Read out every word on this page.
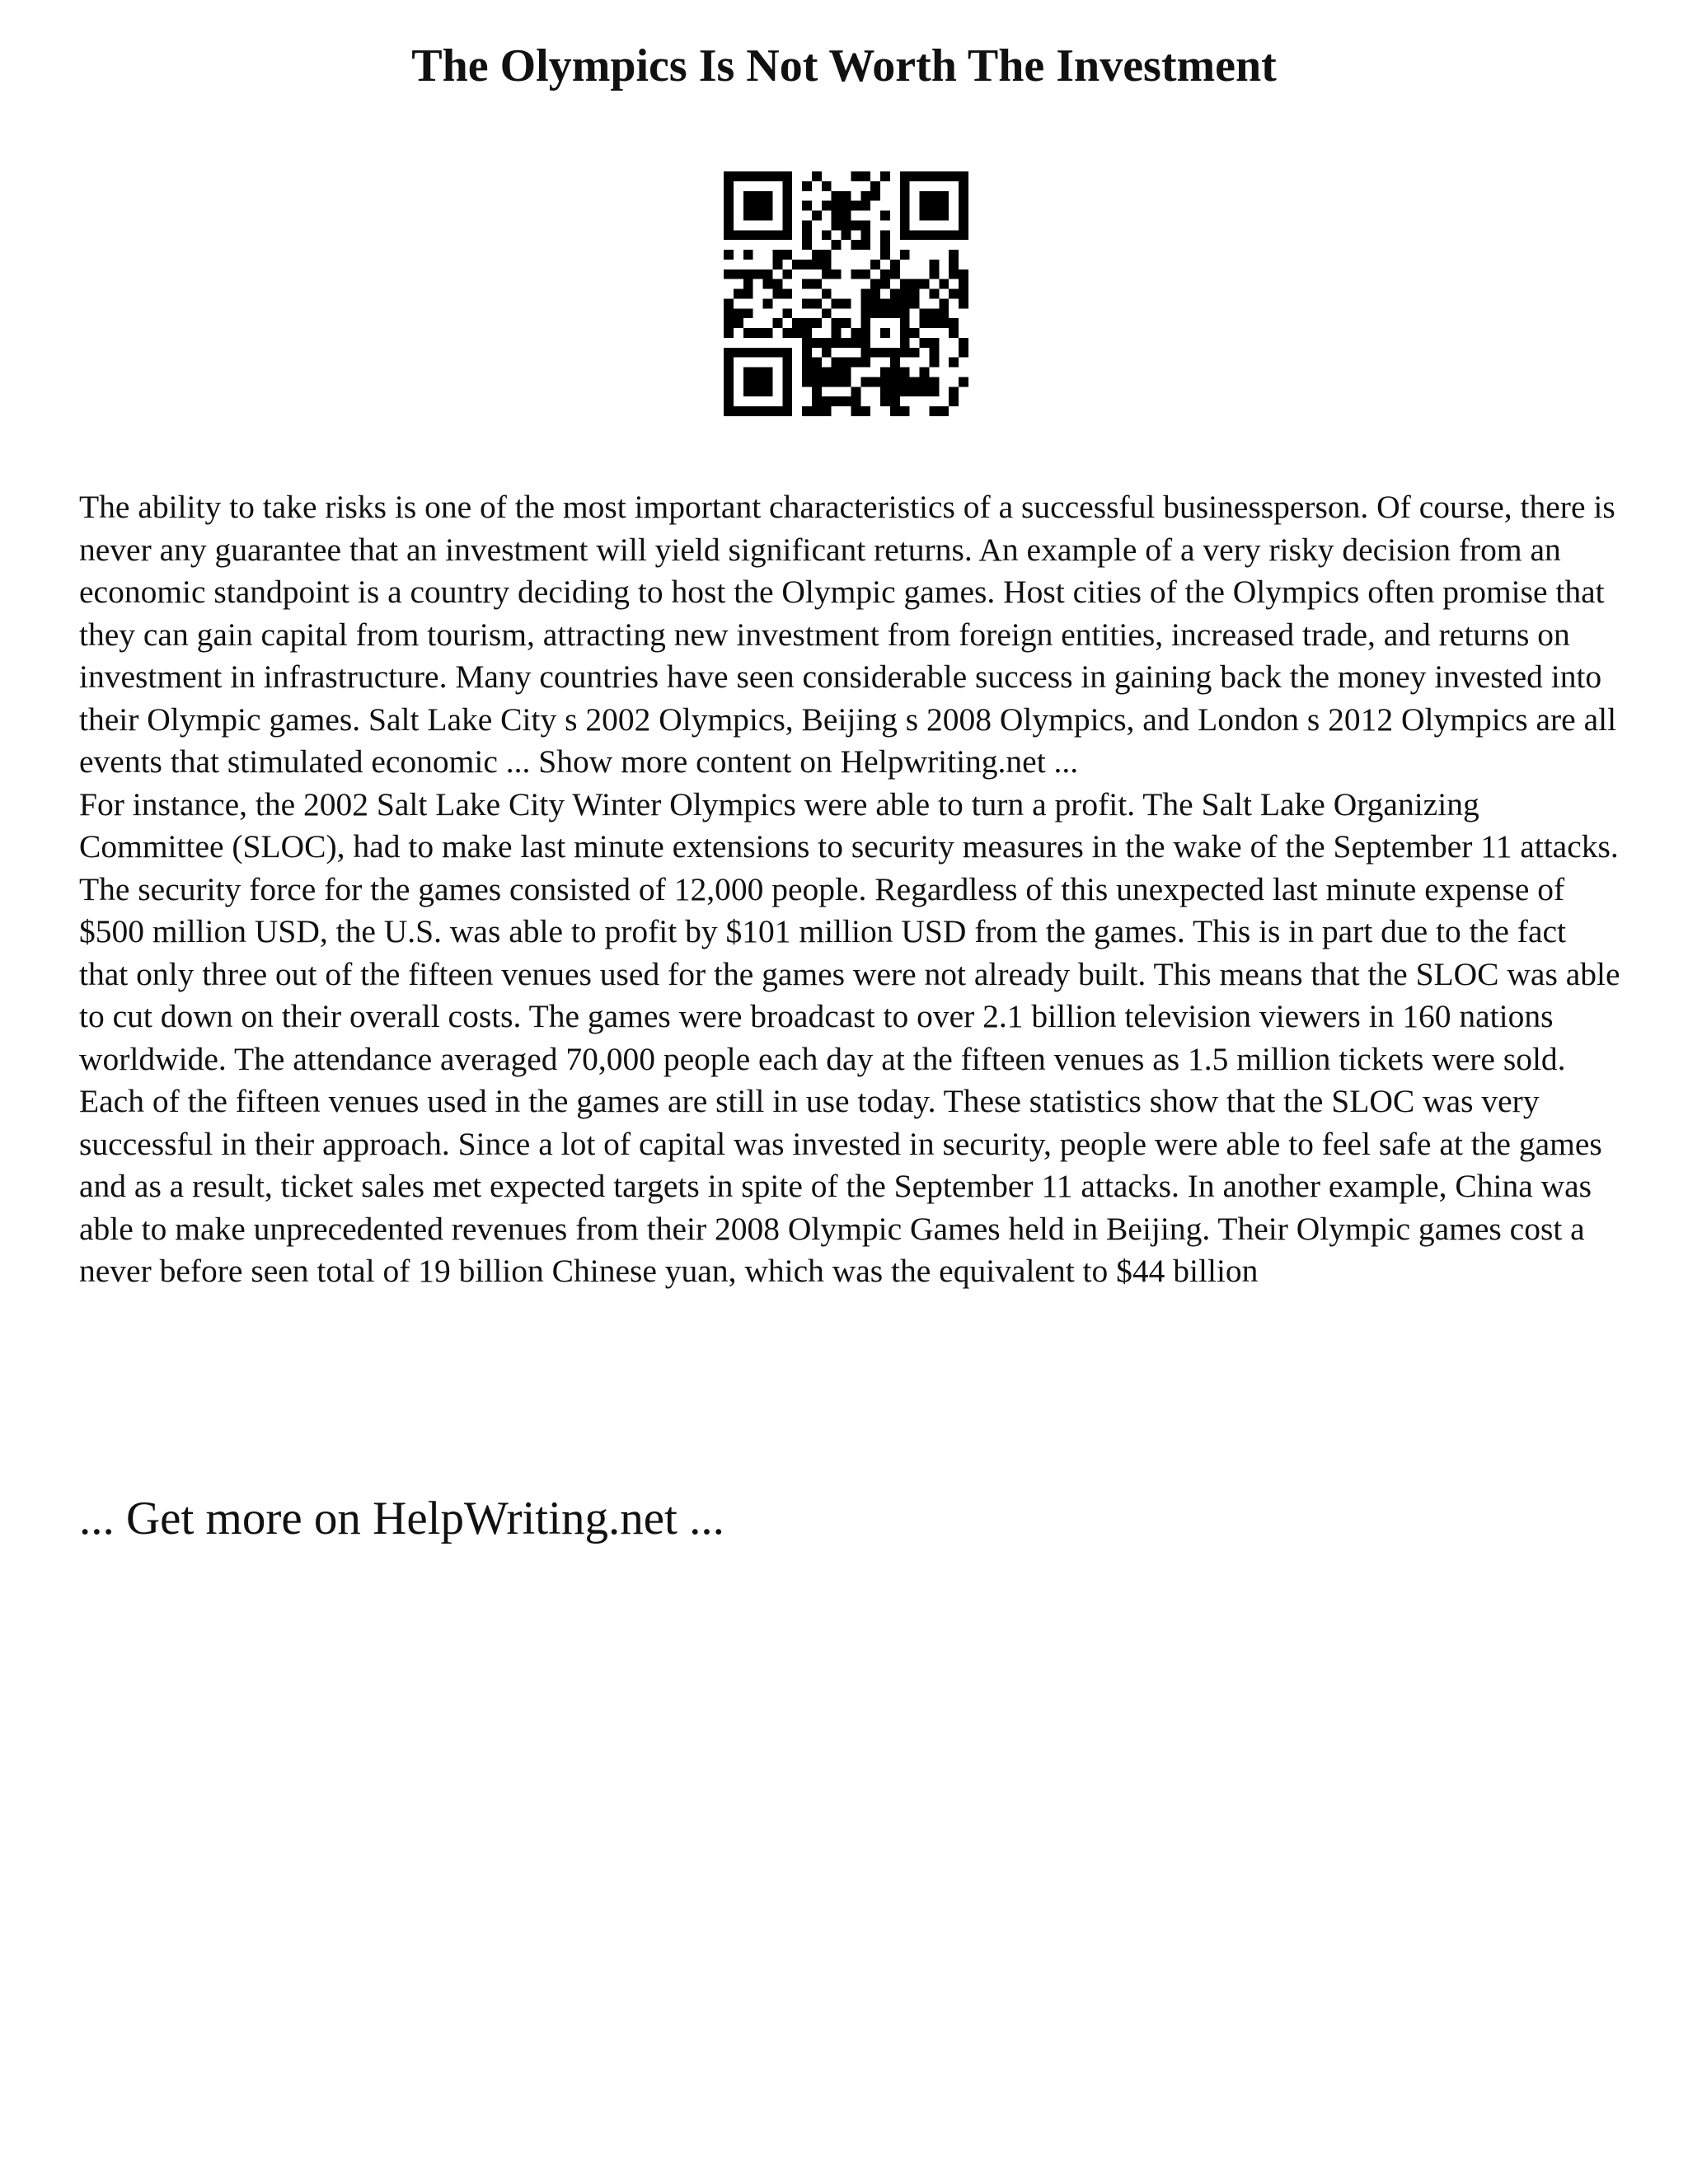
The Olympics Is Not Worth The Investment

The ability to take risks is one of the most important characteristics of a successful businessperson. Of course, there is never any guarantee that an investment will yield significant returns. An example of a very risky decision from an economic standpoint is a country deciding to host the Olympic games. Host cities of the Olympics often promise that they can gain capital from tourism, attracting new investment from foreign entities, increased trade, and returns on investment in infrastructure. Many countries have seen considerable success in gaining back the money invested into their Olympic games. Salt Lake City s 2002 Olympics, Beijing s 2008 Olympics, and London s 2012 Olympics are all events that stimulated economic ... Show more content on Helpwriting.net ...

For instance, the 2002 Salt Lake City Winter Olympics were able to turn a profit. The Salt Lake Organizing Committee (SLOC), had to make last minute extensions to security measures in the wake of the September 11 attacks. The security force for the games consisted of 12,000 people. Regardless of this unexpected last minute expense of $500 million USD, the U.S. was able to profit by $101 million USD from the games. This is in part due to the fact that only three out of the fifteen venues used for the games were not already built. This means that the SLOC was able to cut down on their overall costs. The games were broadcast to over 2.1 billion television viewers in 160 nations worldwide. The attendance averaged 70,000 people each day at the fifteen venues as 1.5 million tickets were sold. Each of the fifteen venues used in the games are still in use today. These statistics show that the SLOC was very successful in their approach. Since a lot of capital was invested in security, people were able to feel safe at the games and as a result, ticket sales met expected targets in spite of the September 11 attacks. In another example, China was able to make unprecedented revenues from their 2008 Olympic Games held in Beijing. Their Olympic games cost a never before seen total of 19 billion Chinese yuan, which was the equivalent to $44 billion

... Get more on HelpWriting.net ...
